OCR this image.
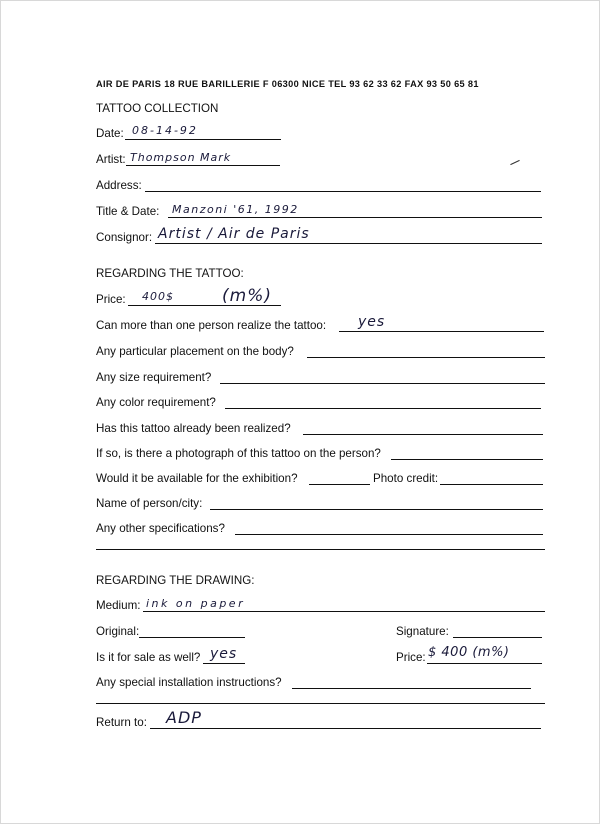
AIR DE PARIS 18 RUE BARILLERIE F 06300 NICE TEL 93 62 33 62 FAX 93 50 65 81
TATTOO COLLECTION
Date: 08-14-92
Artist: Thompson Mark
Address:
Title & Date: Manzoni '61, 1992
Consignor: Artist / Air de Paris
REGARDING THE TATTOO:
Price: 400$	(m%)
Can more than one person realize the tattoo: yes
Any particular placement on the body?
Any size requirement?
Any color requirement?
Has this tattoo already been realized?
If so, is there a photograph of this tattoo on the person?
Would it be available for the exhibition?	Photo credit:
Name of person/city:
Any other specifications?
REGARDING THE DRAWING:
Medium: ink on paper
Original:	Signature:
Is it for sale as well? yes	Price: $ 400 (m%)
Any special installation instructions?
Return to: ADP
